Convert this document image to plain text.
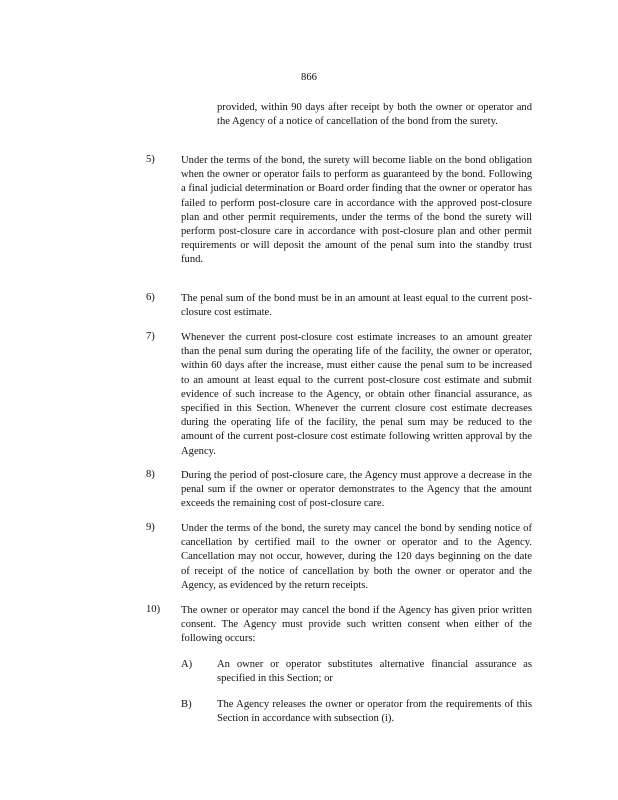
866

provided, within 90 days after receipt by both the owner or operator and the Agency of a notice of cancellation of the bond from the surety.

5) Under the terms of the bond, the surety will become liable on the bond obligation when the owner or operator fails to perform as guaranteed by the bond. Following a final judicial determination or Board order finding that the owner or operator has failed to perform post-closure care in accordance with the approved post-closure plan and other permit requirements, under the terms of the bond the surety will perform post-closure care in accordance with post-closure plan and other permit requirements or will deposit the amount of the penal sum into the standby trust fund.

6) The penal sum of the bond must be in an amount at least equal to the current post-closure cost estimate.

7) Whenever the current post-closure cost estimate increases to an amount greater than the penal sum during the operating life of the facility, the owner or operator, within 60 days after the increase, must either cause the penal sum to be increased to an amount at least equal to the current post-closure cost estimate and submit evidence of such increase to the Agency, or obtain other financial assurance, as specified in this Section. Whenever the current closure cost estimate decreases during the operating life of the facility, the penal sum may be reduced to the amount of the current post-closure cost estimate following written approval by the Agency.

8) During the period of post-closure care, the Agency must approve a decrease in the penal sum if the owner or operator demonstrates to the Agency that the amount exceeds the remaining cost of post-closure care.

9) Under the terms of the bond, the surety may cancel the bond by sending notice of cancellation by certified mail to the owner or operator and to the Agency. Cancellation may not occur, however, during the 120 days beginning on the date of receipt of the notice of cancellation by both the owner or operator and the Agency, as evidenced by the return receipts.

10) The owner or operator may cancel the bond if the Agency has given prior written consent. The Agency must provide such written consent when either of the following occurs:

A) An owner or operator substitutes alternative financial assurance as specified in this Section; or

B) The Agency releases the owner or operator from the requirements of this Section in accordance with subsection (i).
